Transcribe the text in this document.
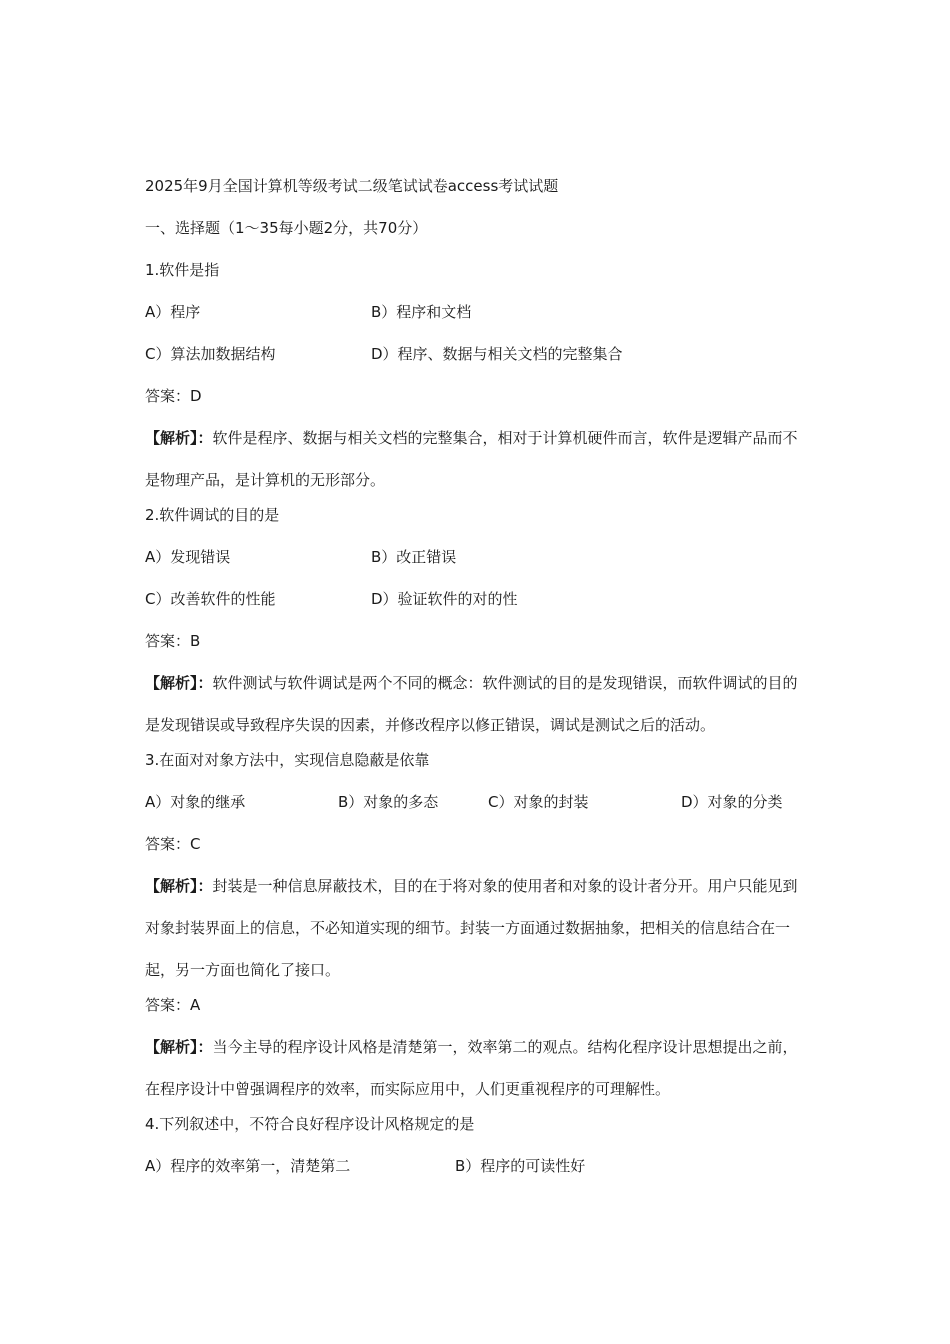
2025年9月全国计算机等级考试二级笔试试卷access考试试题
一、选择题（1～35每小题2分，共70分）
1.软件是指
A）程序	B）程序和文档
C）算法加数据结构	D）程序、数据与相关文档的完整集合
答案：D
【解析】：软件是程序、数据与相关文档的完整集合，相对于计算机硬件而言，软件是逻辑产品而不是物理产品，是计算机的无形部分。
2.软件调试的目的是
A）发现错误	B）改正错误
C）改善软件的性能	D）验证软件的对的性
答案：B
【解析】：软件测试与软件调试是两个不同的概念：软件测试的目的是发现错误，而软件调试的目的是发现错误或导致程序失误的因素，并修改程序以修正错误，调试是测试之后的活动。
3.在面对对象方法中，实现信息隐蔽是依靠
A）对象的继承	B）对象的多态	C）对象的封装	D）对象的分类
答案：C
【解析】：封装是一种信息屏蔽技术，目的在于将对象的使用者和对象的设计者分开。用户只能见到对象封装界面上的信息，不必知道实现的细节。封装一方面通过数据抽象，把相关的信息结合在一起，另一方面也简化了接口。
答案：A
【解析】：当今主导的程序设计风格是清楚第一，效率第二的观点。结构化程序设计思想提出之前，在程序设计中曾强调程序的效率，而实际应用中，人们更重视程序的可理解性。
4.下列叙述中，不符合良好程序设计风格规定的是
A）程序的效率第一，清楚第二	B）程序的可读性好
